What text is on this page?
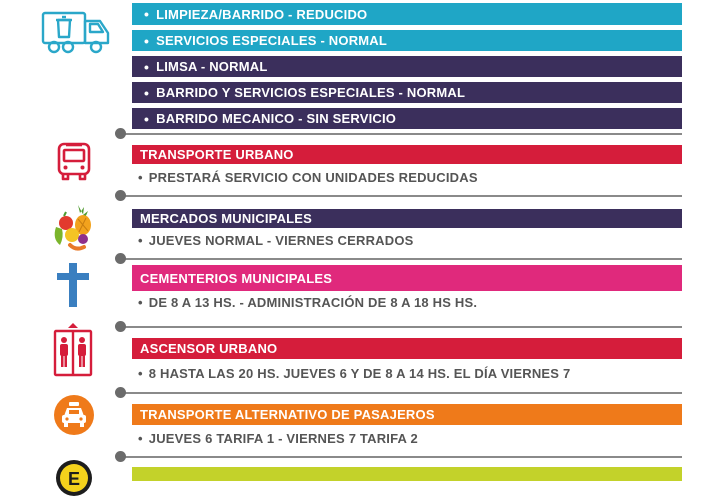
• LIMPIEZA/BARRIDO - REDUCIDO
• SERVICIOS ESPECIALES - NORMAL
• LIMSA - NORMAL
• BARRIDO Y SERVICIOS ESPECIALES - NORMAL
• BARRIDO MECANICO - SIN SERVICIO
TRANSPORTE URBANO
• PRESTARÁ SERVICIO CON UNIDADES REDUCIDAS
MERCADOS MUNICIPALES
• JUEVES NORMAL - VIERNES CERRADOS
CEMENTERIOS MUNICIPALES
• DE 8 A 13 HS. - ADMINISTRACIÓN DE 8 A 18 HS HS.
ASCENSOR URBANO
• 8 HASTA LAS 20 HS. JUEVES 6 Y DE 8 A 14 HS. EL DÍA VIERNES 7
TRANSPORTE ALTERNATIVO DE PASAJEROS
• JUEVES 6 TARIFA 1 - VIERNES 7 TARIFA 2
E
